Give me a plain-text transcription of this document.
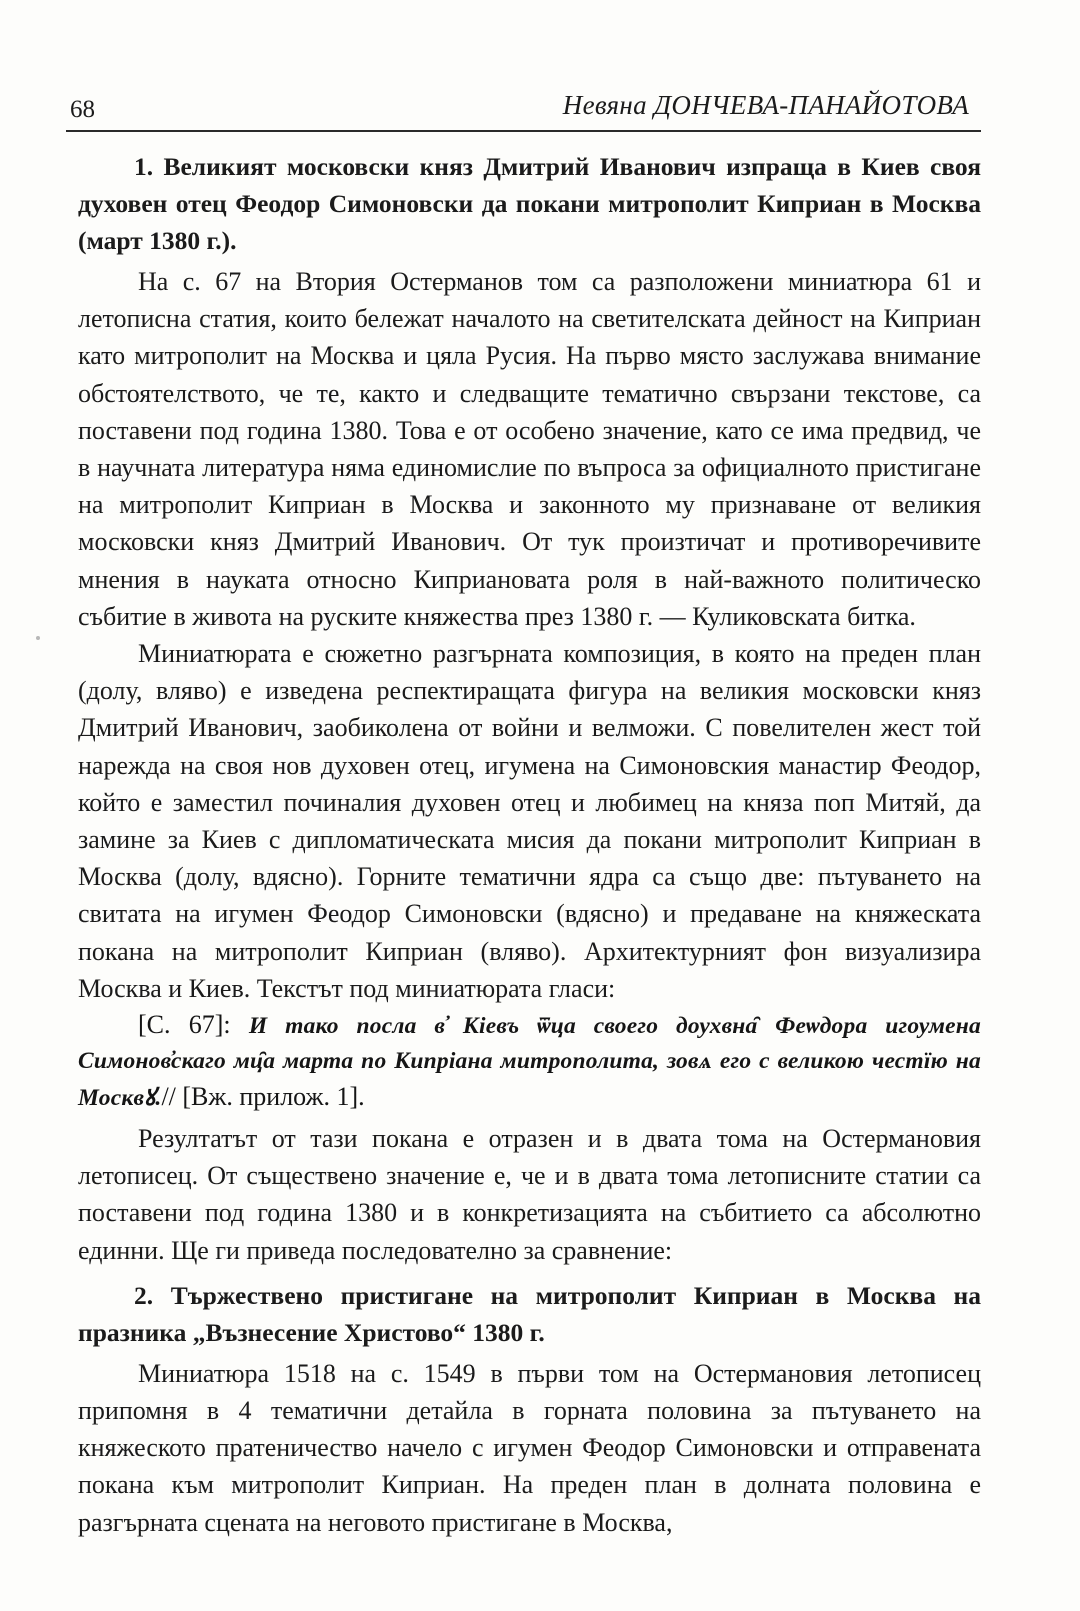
68	Невяна ДОНЧЕВА-ПАНАЙОТОВА

1. Великият московски княз Дмитрий Иванович изпраща в Киев своя духовен отец Феодор Симоновски да покани митрополит Киприан в Москва (март 1380 г.).

На с. 67 на Втория Остерманов том са разположени миниатюра 61 и летописна статия, които бележат началото на светителската дейност на Киприан като митрополит на Москва и цяла Русия. На първо място заслужава внимание обстоятелството, че те, както и следващите тематично свързани текстове, са поставени под година 1380. Това е от особено значение, като се има предвид, че в научната литература няма единомислие по въпроса за официалното пристигане на митрополит Киприан в Москва и законното му признаване от великия московски княз Дмитрий Иванович. От тук произтичат и противоречивите мнения в науката относно Киприановата роля в най-важното политическо събитие в живота на руските княжества през 1380 г. — Куликовската битка.

Миниатюрата е сюжетно разгърната композиция, в която на преден план (долу, вляво) е изведена респектиращата фигура на великия московски княз Дмитрий Иванович, заобиколена от войни и велможи. С повелителен жест той нарежда на своя нов духовен отец, игумена на Симоновския манастир Феодор, който е заместил починалия духовен отец и любимец на княза поп Митяй, да замине за Киев с дипломатическата мисия да покани митрополит Киприан в Москва (долу, вдясно). Горните тематични ядра са също две: пътуването на свитата на игумен Феодор Симоновски (вдясно) и предаване на княжеската покана на митрополит Киприан (вляво). Архитектурният фон визуализира Москва и Киев. Текстът под миниатюрата гласи:

[С. 67]: И тако посла в̓ Кіевъ ѿца своего доухвна̑ Феѡдора игоумена Симонов̓скаго мц̑а марта по Кипріана митрополита, зовѧ его с великою честїю на Москвꙋ.// [Вж. прилож. 1].

Резултатът от тази покана е отразен и в двата тома на Остермановия летописец. От съществено значение е, че и в двата тома летописните статии са поставени под година 1380 и в конкретизацията на събитието са абсолютно единни. Ще ги приведа последователно за сравнение:

2. Тържествено пристигане на митрополит Киприан в Москва на празника „Възнесение Христово“ 1380 г.

Миниатюра 1518 на с. 1549 в първи том на Остермановия летописец припомня в 4 тематични детайла в горната половина за пътуването на княжеското пратеничество начело с игумен Феодор Симоновски и отправената покана към митрополит Киприан. На преден план в долната половина е разгърната сцената на неговото пристигане в Москва,
